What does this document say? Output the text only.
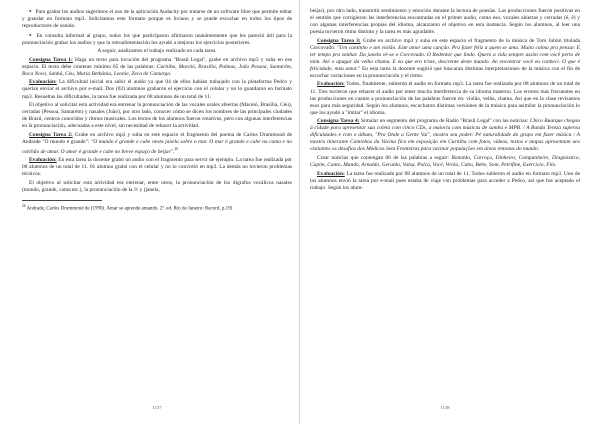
● Para grabar los audios sugerimos el uso de la aplicación Audacity por tratarse de un software libre que permite editar y guardar en formato mp3. Solicitamos este formato porque es liviano y se puede escuchar en todos los tipos de reproductores de sonido.

● En consulta informal al grupo, todos los que participaron afirmaron unánimemente que les pareció útil para la pronunciación grabar los audios y que la retroalimentación los ayudó a mejorar los ejercicios posteriores.

A seguir, analizamos el trabajo realizado en cada tarea.

Consigna Tarea 1: Haga un texto para locución del programa "Brasil Legal", grabe en archivo mp3 y suba en ese espacio. El texto debe contener mínimo 05 de las palabras: Curitiba, Maceió, Brasília, Palmas, João Pessoa, Santarém, Boca Nova, Sanhá, Céu, Maria Bethânia, Leonie, Zeca de Camargo.

Evaluación: La dificultad inicial era subir el audio ya que 04 de ellos habían trabajado con la plataforma Pedco y querían enviar el archivo por e-mail. Dos (02) alumnos grabaron el ejercicio con el celular y no lo guardaron en formato mp3. Resueltas las dificultades, la tarea fue realizada por 08 alumnos de un total de 11.

El objetivo al solicitar esta actividad era entrenar la pronunciación de las vocales orales abiertas (Maceió, Brasília, Céu), cerradas (Pessoa, Santarém) y nasales (João), por otro lado, conocer cómo se dicen los nombres de las principales ciudades de Brasil, centros conocidos y ritmos musicales. Los textos de los alumnos fueron creativos, pero con algunas interferencias en la pronunciación, adecuadas a este nivel, sin necesidad de rehacer la actividad.

Consigna Tarea 2: Grabe en archivo mp3 y suba en este espacio el fragmento del poema de Carlos Drummond de Andrade "O mundo é grande": "O mundo é grande e cabe nesta janela sobre o mar. O mar é grande e cabe na cama e no colchão de amar. O amor é grande e cabe no breve espaço de beijar".$^{26}$

Evaluación: En esta tarea la docente grabó un audio con el fragmento para servir de ejemplo. La tarea fue realizada por 08 alumnos de un total de 11. 01 alumno grabó con el celular y no lo convirtió en mp3. La demás no tuvieron problemas técnicos.

El objetivo al solicitar esta actividad era entrenar, entre otros, la pronunciación de los digrafos vocálicos nasales (mundo, grande, cama etc.), la pronunciación de la /l/ y (janela,

$^{26}$ Andrade, Carlos Drummond de (1990). Amar se aprende amando. 2ª. ed. Rio de Janeiro: Record, p.19)

1137

beijar), por otro lado, transmitir sentimiento y emoción durante la lectura de poesías. Las producciones fueron positivas en el sentido que corrigieron las interferencias encontradas en el primer audio, como eso, vocales abiertas y cerradas (é, ê) y con algunas interferencias propias del idioma, alcanzaron el objetivo en esta instancia. Según los alumnos, al leer una poesía tuvieron ritmo distinto y la tarea es más agradable.

Consigna Tarea 3: Grabe en archivo mp3 y suba en este espacio el fragmento de la música de Tom Jobim titulada Corcovado: "Um cantinho e um violão. Este amor uma canção. Pra fazer feliz a quem se ama. Muita calma pra pensar. E ter tempo pra sonhar. Da janela vê-se o Corcovado. O Redentor que lindo. Quero a vida sempre assim com você perto de mim. Até o apagar da velha chama. E eu que era triste, descrente deste mundo. Ao encontrar você eu conheci. O que é felicidade, meu amor." En esta tarea la docente sugirió que buscaran distintas interpretaciones de la música con el fin de escuchar variaciones en la pronunciación y el ritmo.

Evaluación: Todos, finalmente, subieron el audio en formato mp3. La tarea fue realizada por 08 alumnos de un total de 11. Tres tuvieron que rehacer el audio por tener mucha interferencia de su idioma materno. Los errores más frecuentes en las producciones en cuanto a pronunciación de las palabras fueron en: violão, velha, chama. Así que en la clase revisamos esos para más seguridad. Según los alumnos, escucharon distintas versiones de la música para asimilar la pronunciación lo que los ayudó a "imitar" el idioma.

Consigna Tarea 4: Simular un segmento del programa de Radio "Brasil Legal" con las noticias: Chico Buarque chegou à cidade para apresentar sua coleta com cinco CDs, a maioria com músicas de samba e MPB. / A Banda Tereza superou dificuldades e com o álbum, "Pra Onde a Gente Vai", mostra seu poder/ Pé naturalidade do grupo em fazer música / A mostra itinerante Caminhos da Vacina fica em exposição em Curitiba com fotos, vídeos, textos e mapas apresentam aos visitantes os desafios dos Médicos Sem Fronteiras para vacinar populações em áreas remotas do mundo.

Crear noticias que contengan 06 de las palabras a seguir: Ronaldo, Carroça, Dinheiro, Companheiro, Diagnóstico, Capim, Canto, Mundo, Arnaldo, Geraldo, Valsa, Polca, Vocé, Verão, Cabo, Bebe, Som, Petrifine, Exercício, Filo.

Evaluación: La tarea fue realizada por 08 alumnos de un total de 11. Todos subieron el audio en formato mp3. Uno de los alumnos envió la tarea por e-mail pues estaba de viaje con problemas para acceder a Pedco, así que fue aceptado el trabajo. Según los alum-

1138
